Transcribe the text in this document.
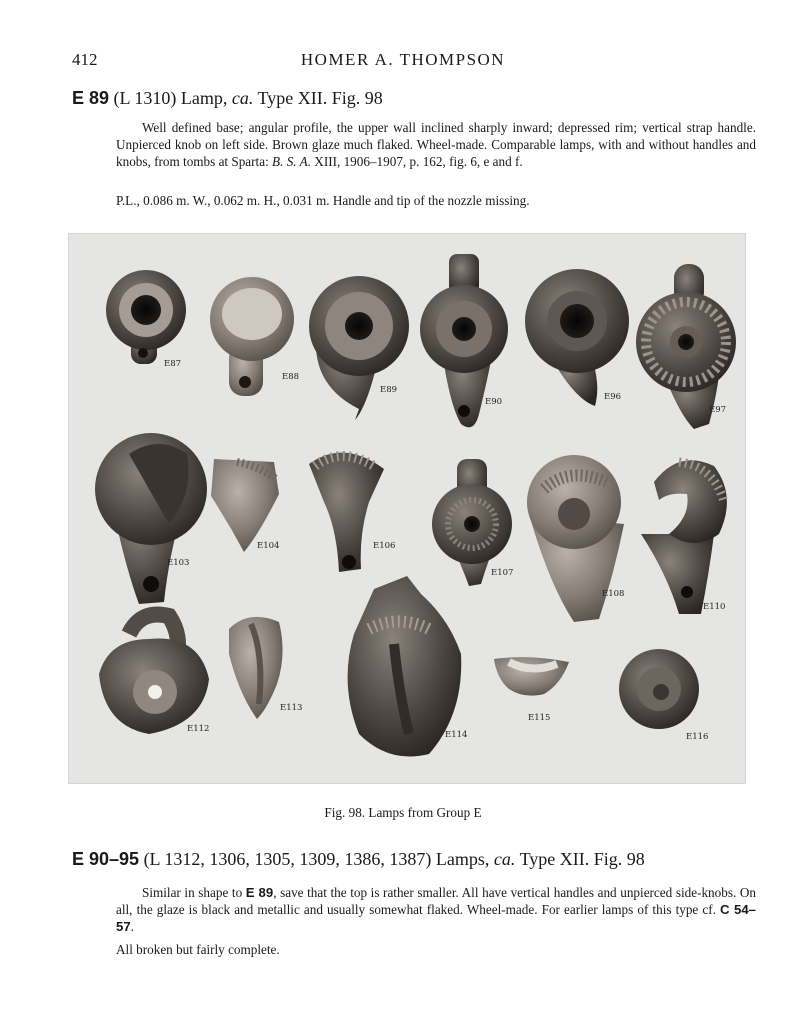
412	HOMER A. THOMPSON
E 89 (L 1310) Lamp, ca. Type XII. Fig. 98
Well defined base; angular profile, the upper wall inclined sharply inward; depressed rim; vertical strap handle. Unpierced knob on left side. Brown glaze much flaked. Wheel-made. Comparable lamps, with and without handles and knobs, from tombs at Sparta: B. S. A. XIII, 1906–1907, p. 162, fig. 6, e and f.
P.L., 0.086 m. W., 0.062 m. H., 0.031 m. Handle and tip of the nozzle missing.
E87
E88
E89
E90	E96
E97
E103
E104	E106
E107
E108
E110
E112
E113
E114
E115
E116
Fig. 98. Lamps from Group E
E 90–95 (L 1312, 1306, 1305, 1309, 1386, 1387) Lamps, ca. Type XII. Fig. 98
Similar in shape to E 89, save that the top is rather smaller. All have vertical handles and unpierced side-knobs. On all, the glaze is black and metallic and usually somewhat flaked. Wheel-made. For earlier lamps of this type cf. C 54–57.
All broken but fairly complete.
